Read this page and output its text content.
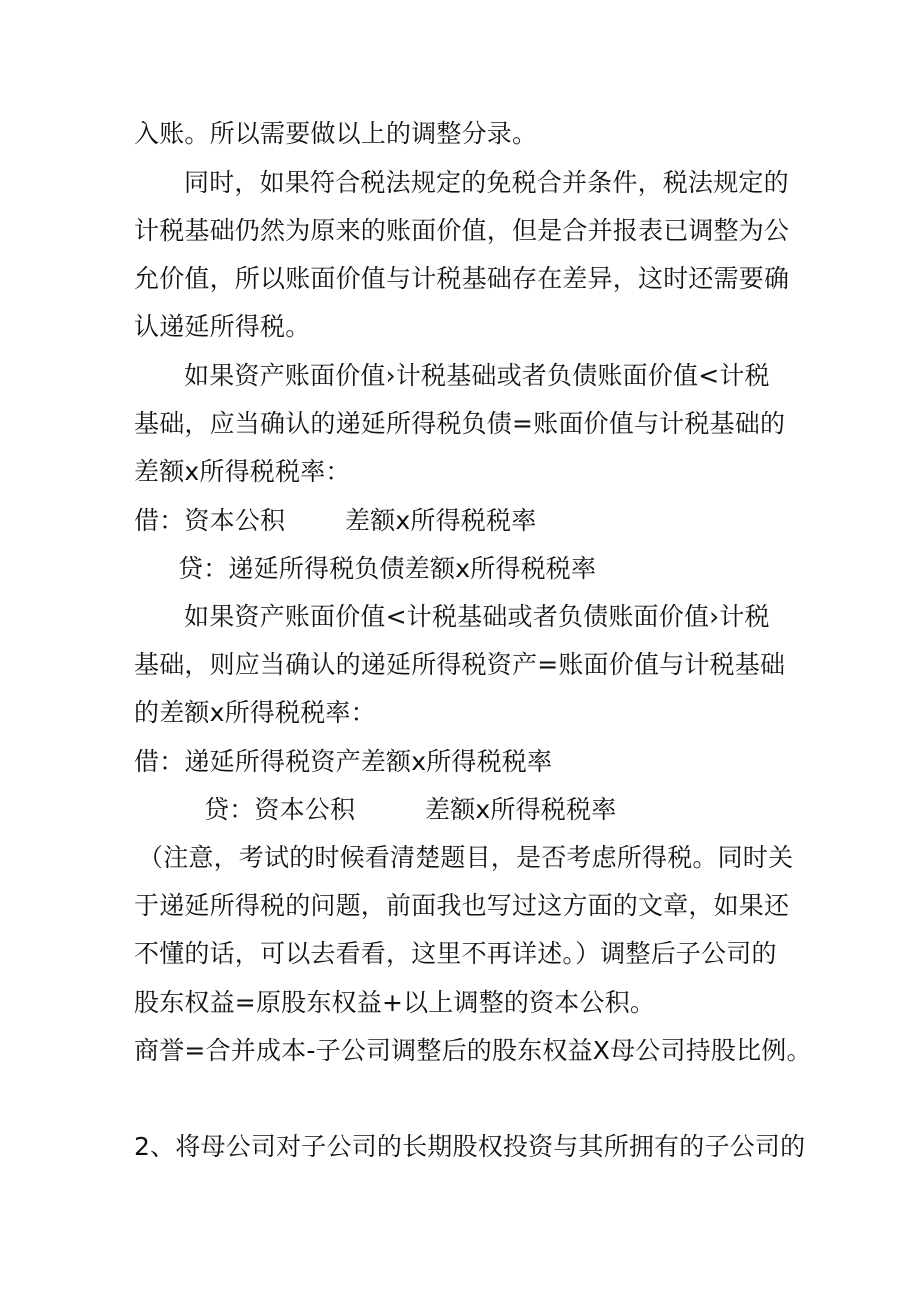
入账。所以需要做以上的调整分录。
同时，如果符合税法规定的免税合并条件，税法规定的
计税基础仍然为原来的账面价值，但是合并报表已调整为公
允价值，所以账面价值与计税基础存在差异，这时还需要确
认递延所得税。
如果资产账面价值›计税基础或者负债账面价值<计税
基础，应当确认的递延所得税负债=账面价值与计税基础的
差额x所得税税率：
借：资本公积 差额x所得税税率
贷：递延所得税负债差额x所得税税率
如果资产账面价值<计税基础或者负债账面价值›计税
基础，则应当确认的递延所得税资产=账面价值与计税基础
的差额x所得税税率：
借：递延所得税资产差额x所得税税率
贷：资本公积	差额x所得税税率
（注意，考试的时候看清楚题目，是否考虑所得税。同时关
于递延所得税的问题，前面我也写过这方面的文章，如果还
不懂的话，可以去看看，这里不再详述。）调整后子公司的
股东权益=原股东权益+以上调整的资本公积。
商誉=合并成本-子公司调整后的股东权益X母公司持股比例。
2、将母公司对子公司的长期股权投资与其所拥有的子公司的
